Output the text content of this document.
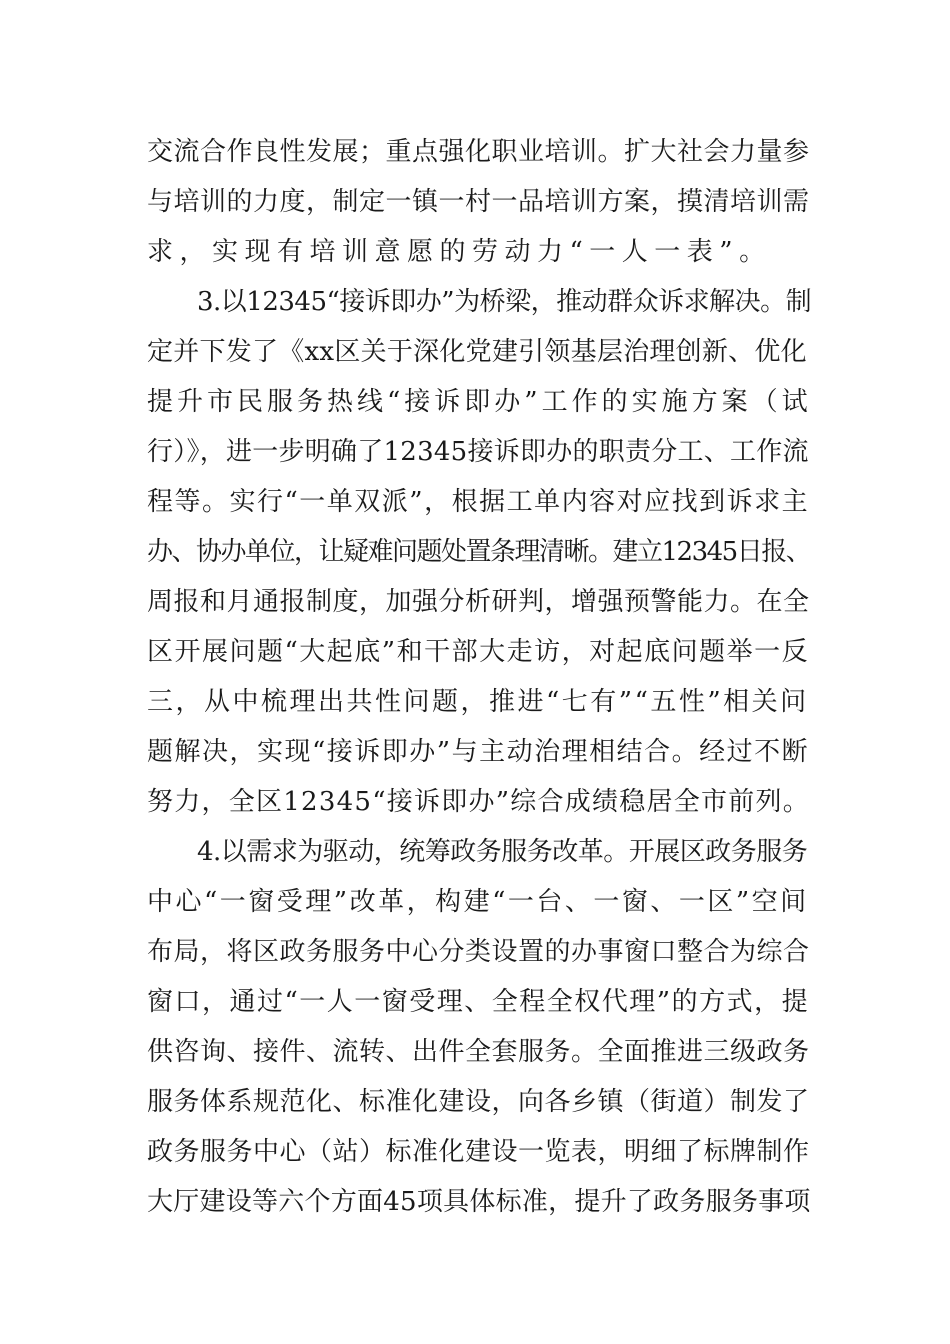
交流合作良性发展；重点强化职业培训。扩大社会力量参
与培训的力度，制定一镇一村一品培训方案，摸清培训需
求，实现有培训意愿的劳动力“一人一表”。
3.以12345“接诉即办”为桥梁，推动群众诉求解决。制
定并下发了《xx区关于深化党建引领基层治理创新、优化
提升市民服务热线“接诉即办”工作的实施方案（试
行）》，进一步明确了12345接诉即办的职责分工、工作流
程等。实行“一单双派”，根据工单内容对应找到诉求主
办、协办单位，让疑难问题处置条理清晰。建立12345日报、
周报和月通报制度，加强分析研判，增强预警能力。在全
区开展问题“大起底”和干部大走访，对起底问题举一反
三，从中梳理出共性问题，推进“七有”“五性”相关问
题解决，实现“接诉即办”与主动治理相结合。经过不断
努力，全区12345“接诉即办”综合成绩稳居全市前列。
4.以需求为驱动，统筹政务服务改革。开展区政务服务
中心“一窗受理”改革，构建“一台、一窗、一区”空间
布局，将区政务服务中心分类设置的办事窗口整合为综合
窗口，通过“一人一窗受理、全程全权代理”的方式，提
供咨询、接件、流转、出件全套服务。全面推进三级政务
服务体系规范化、标准化建设，向各乡镇（街道）制发了
政务服务中心（站）标准化建设一览表，明细了标牌制作
大厅建设等六个方面45项具体标准，提升了政务服务事项
